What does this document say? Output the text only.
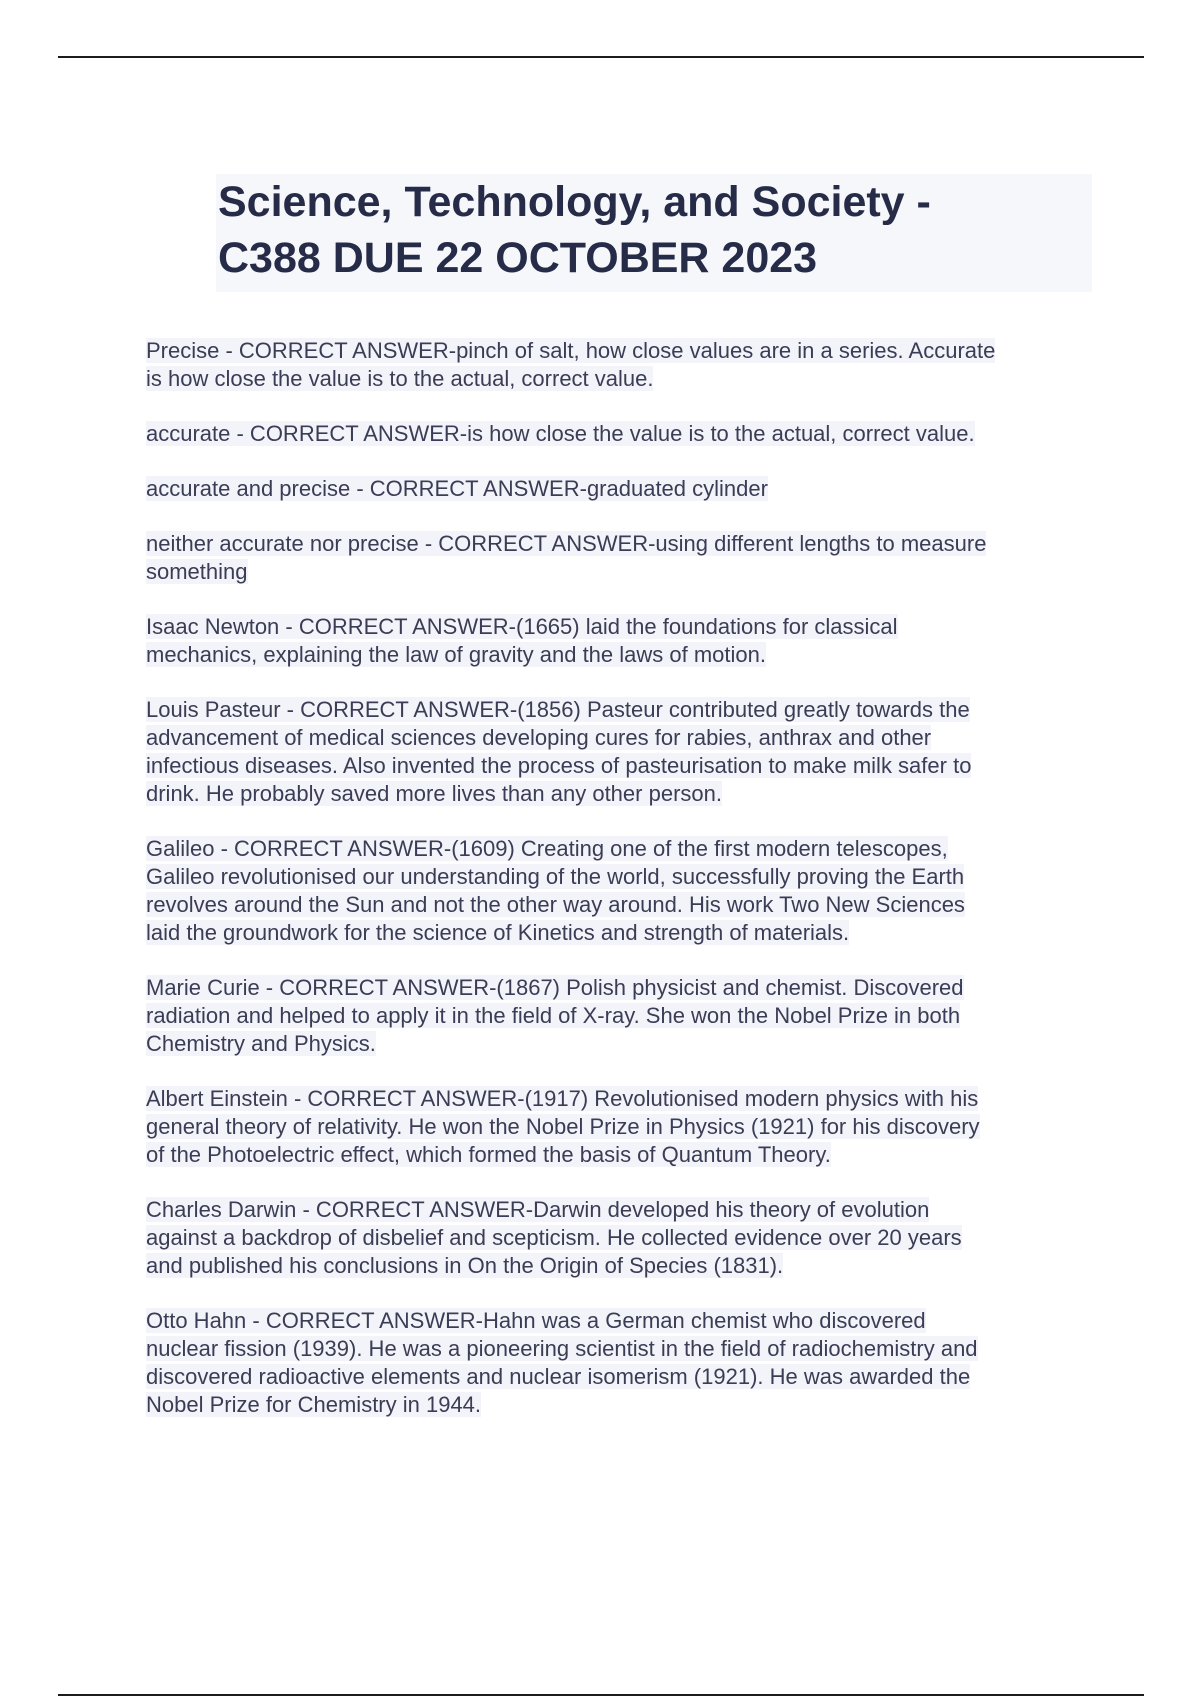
Science, Technology, and Society -
C388 DUE 22 OCTOBER 2023
Precise - CORRECT ANSWER-pinch of salt, how close values are in a series. Accurate
is how close the value is to the actual, correct value.
accurate - CORRECT ANSWER-is how close the value is to the actual, correct value.
accurate and precise - CORRECT ANSWER-graduated cylinder
neither accurate nor precise - CORRECT ANSWER-using different lengths to measure
something
Isaac Newton - CORRECT ANSWER-(1665) laid the foundations for classical
mechanics, explaining the law of gravity and the laws of motion.
Louis Pasteur - CORRECT ANSWER-(1856) Pasteur contributed greatly towards the
advancement of medical sciences developing cures for rabies, anthrax and other
infectious diseases. Also invented the process of pasteurisation to make milk safer to
drink. He probably saved more lives than any other person.
Galileo - CORRECT ANSWER-(1609) Creating one of the first modern telescopes,
Galileo revolutionised our understanding of the world, successfully proving the Earth
revolves around the Sun and not the other way around. His work Two New Sciences
laid the groundwork for the science of Kinetics and strength of materials.
Marie Curie - CORRECT ANSWER-(1867) Polish physicist and chemist. Discovered
radiation and helped to apply it in the field of X-ray. She won the Nobel Prize in both
Chemistry and Physics.
Albert Einstein - CORRECT ANSWER-(1917) Revolutionised modern physics with his
general theory of relativity. He won the Nobel Prize in Physics (1921) for his discovery
of the Photoelectric effect, which formed the basis of Quantum Theory.
Charles Darwin - CORRECT ANSWER-Darwin developed his theory of evolution
against a backdrop of disbelief and scepticism. He collected evidence over 20 years
and published his conclusions in On the Origin of Species (1831).
Otto Hahn - CORRECT ANSWER-Hahn was a German chemist who discovered
nuclear fission (1939). He was a pioneering scientist in the field of radiochemistry and
discovered radioactive elements and nuclear isomerism (1921). He was awarded the
Nobel Prize for Chemistry in 1944.
